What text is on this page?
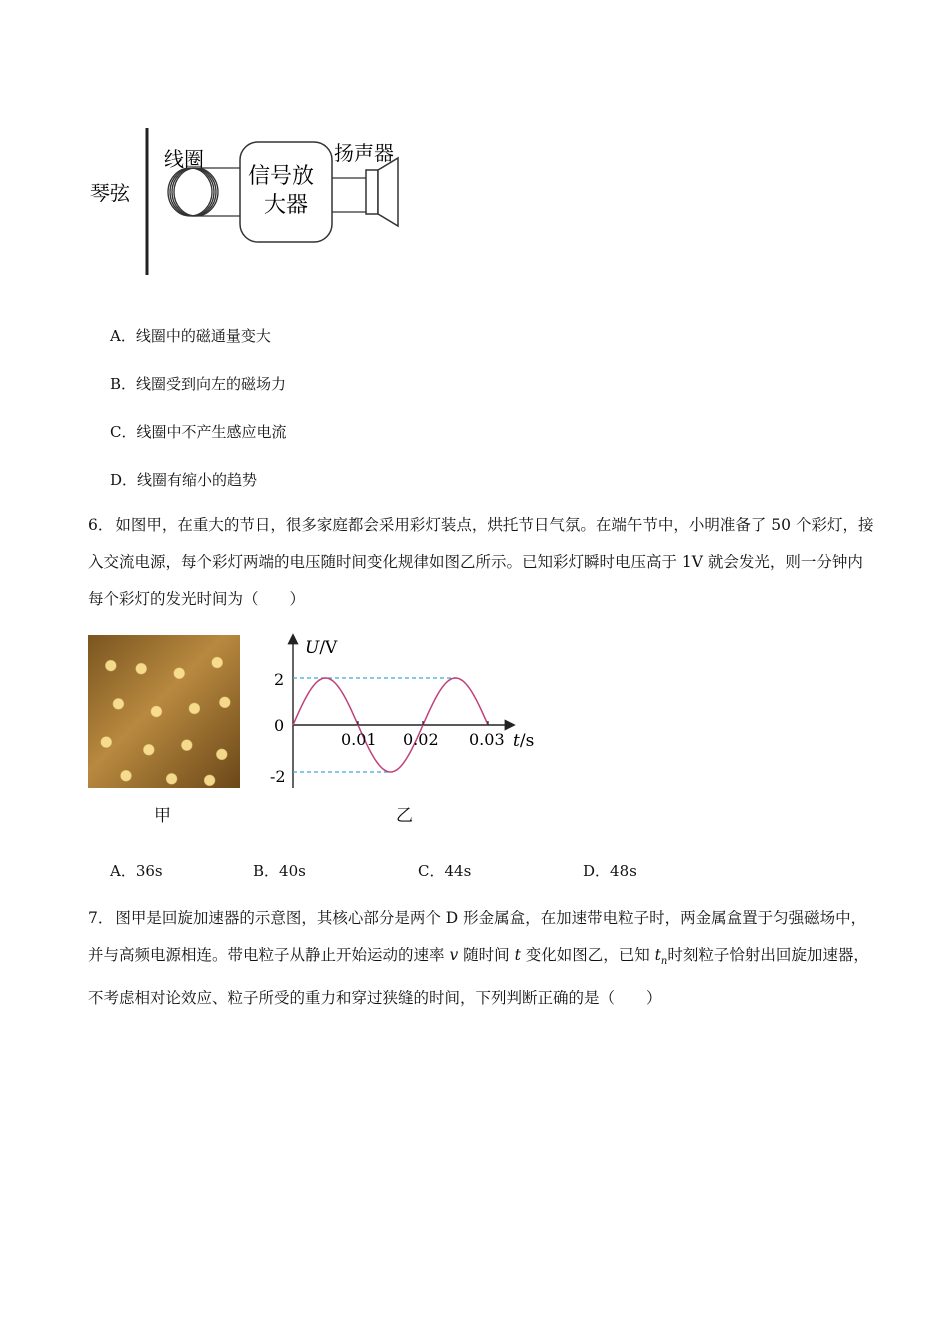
琴弦
线圈
信号放
大器
扬声器
A．线圈中的磁通量变大
B．线圈受到向左的磁场力
C．线圈中不产生感应电流
D．线圈有缩小的趋势
6． 如图甲，在重大的节日，很多家庭都会采用彩灯装点，烘托节日气氛。在端午节中，小明准备了 50 个彩灯，接入交流电源，每个彩灯两端的电压随时间变化规律如图乙所示。已知彩灯瞬时电压高于 1V 就会发光，则一分钟内每个彩灯的发光时间为（　　）
甲
U/V
t/s
2
0
-2
0.01 0.02 0.03
乙
A．36s	B．40s	C．44s	D．48s
7． 图甲是回旋加速器的示意图，其核心部分是两个 D 形金属盒，在加速带电粒子时，两金属盒置于匀强磁场中，并与高频电源相连。带电粒子从静止开始运动的速率 v 随时间 t 变化如图乙，已知 $t_n$时刻粒子恰射出回旋加速器，不考虑相对论效应、粒子所受的重力和穿过狭缝的时间，下列判断正确的是（　　）
